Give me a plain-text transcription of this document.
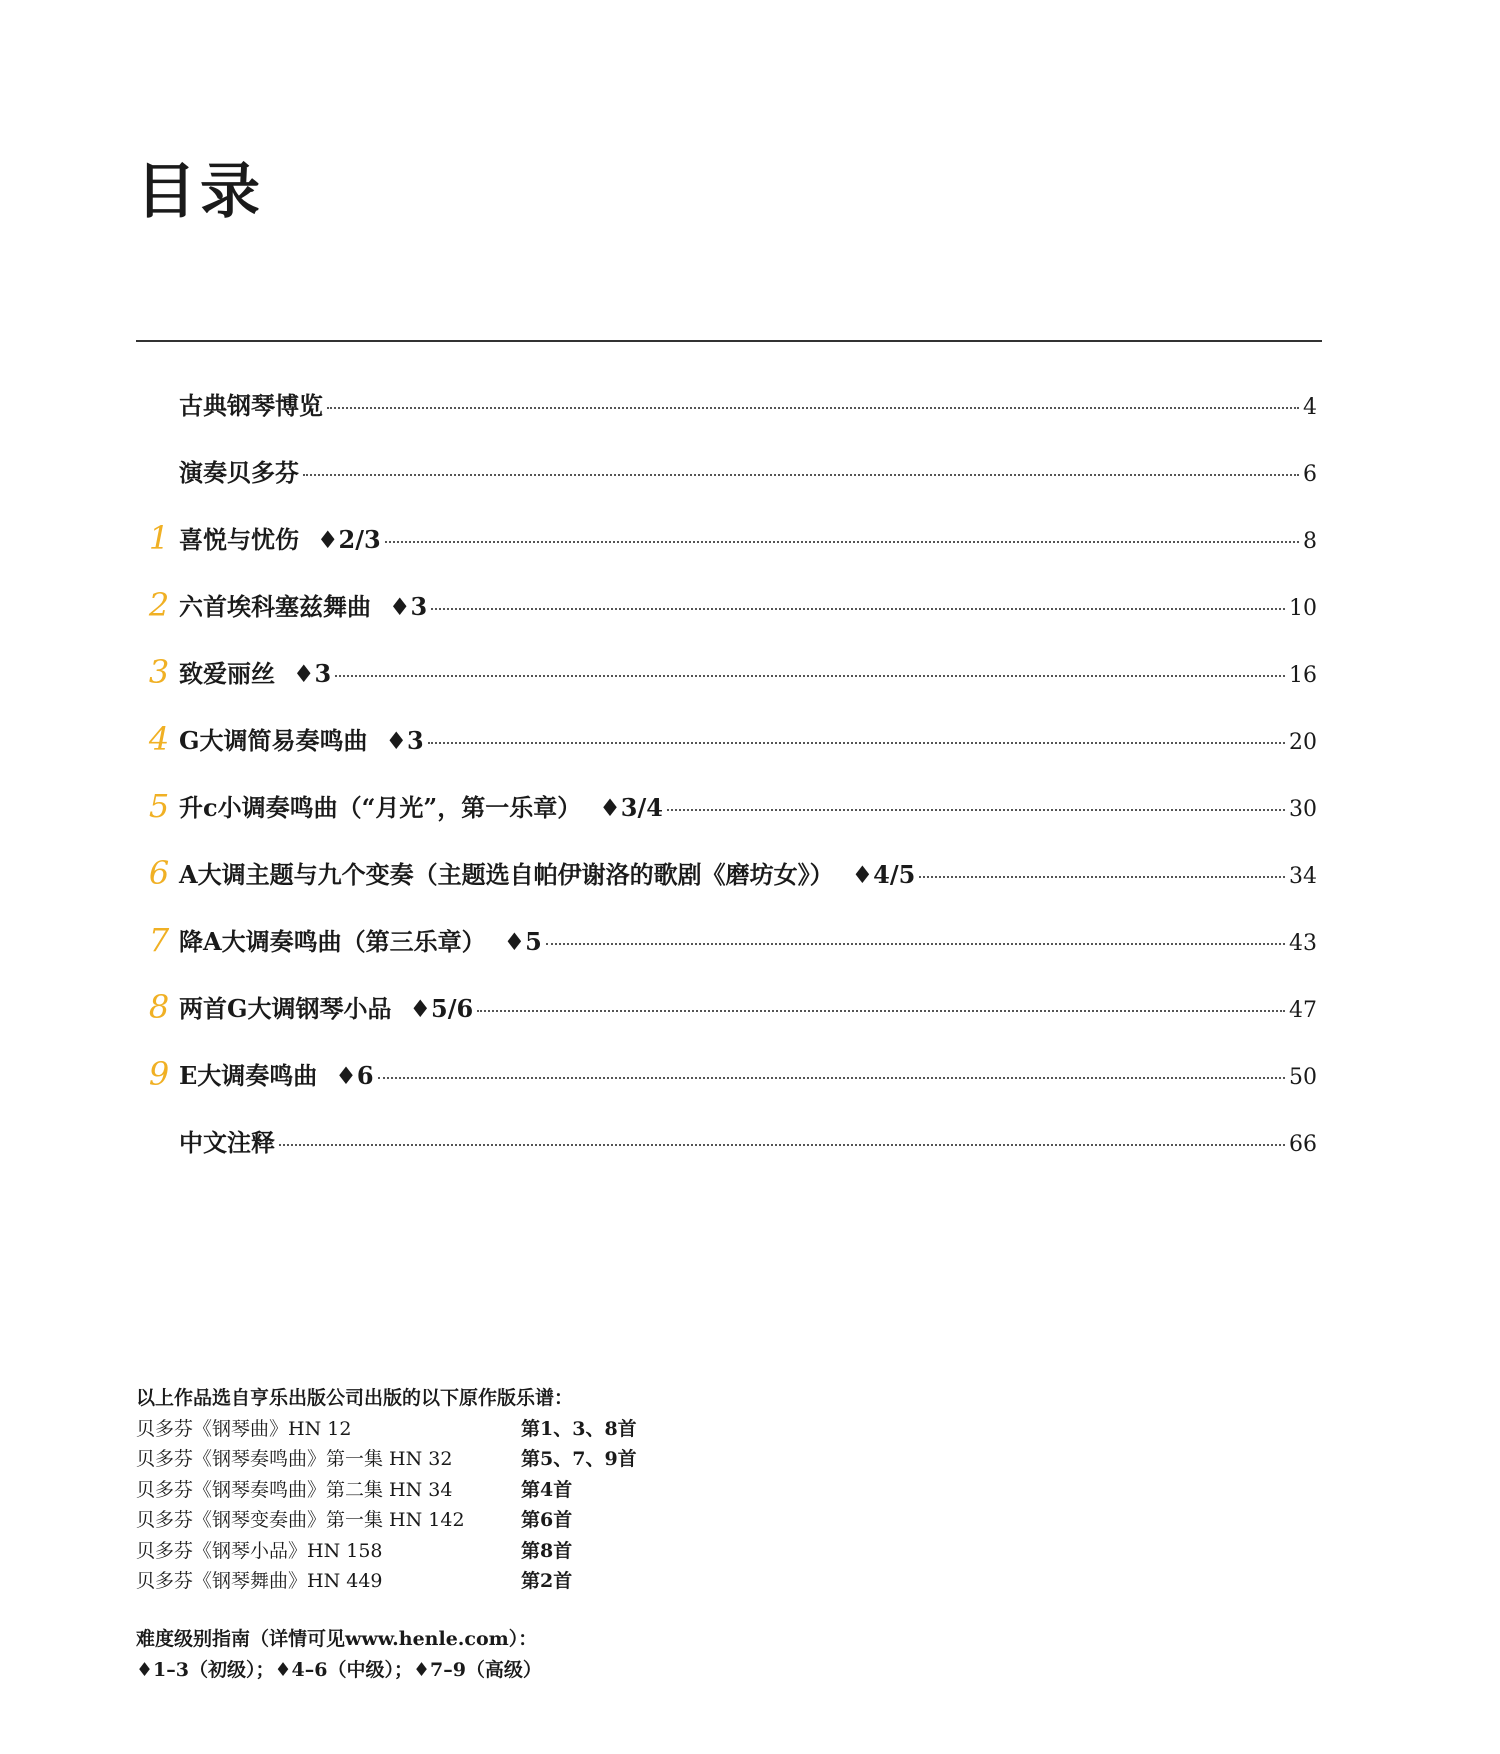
目录
古典钢琴博览	4
演奏贝多芬	6
1 喜悦与忧伤 ♦2/3	8
2 六首埃科塞兹舞曲 ♦3	10
3 致爱丽丝 ♦3	16
4 G大调简易奏鸣曲 ♦3	20
5 升c小调奏鸣曲（“月光”，第一乐章） ♦3/4	30
6 A大调主题与九个变奏（主题选自帕伊谢洛的歌剧《磨坊女》） ♦4/5	34
7 降A大调奏鸣曲（第三乐章） ♦5	43
8 两首G大调钢琴小品 ♦5/6	47
9 E大调奏鸣曲 ♦6	50
中文注释	66
以上作品选自亨乐出版公司出版的以下原作版乐谱：
贝多芬《钢琴曲》HN 12	第1、3、8首
贝多芬《钢琴奏鸣曲》第一集 HN 32	第5、7、9首
贝多芬《钢琴奏鸣曲》第二集 HN 34	第4首
贝多芬《钢琴变奏曲》第一集 HN 142	第6首
贝多芬《钢琴小品》HN 158	第8首
贝多芬《钢琴舞曲》HN 449	第2首
难度级别指南（详情可见www.henle.com）：
♦1–3（初级）；♦4–6（中级）；♦7–9（高级）
